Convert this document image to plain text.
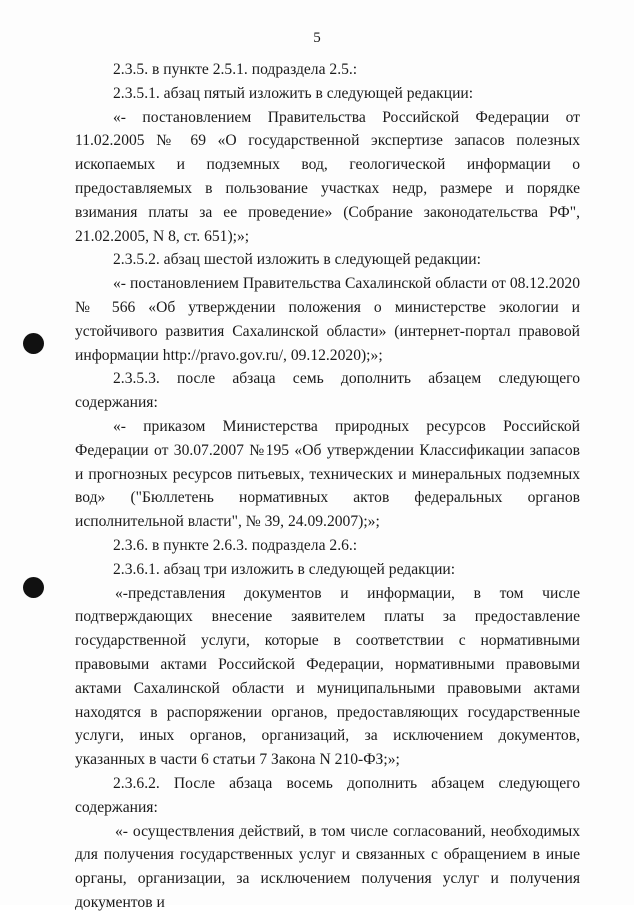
5

2.3.5. в пункте 2.5.1. подраздела 2.5.:

2.3.5.1. абзац пятый изложить в следующей редакции:

«- постановлением Правительства Российской Федерации от 11.02.2005 № 69 «О государственной экспертизе запасов полезных ископаемых и подземных вод, геологической информации о предоставляемых в пользование участках недр, размере и порядке взимания платы за ее проведение» (Собрание законодательства РФ", 21.02.2005, N 8, ст. 651);»;

2.3.5.2. абзац шестой изложить в следующей редакции:

«- постановлением Правительства Сахалинской области от 08.12.2020 № 566 «Об утверждении положения о министерстве экологии и устойчивого развития Сахалинской области» (интернет-портал правовой информации http://pravo.gov.ru/, 09.12.2020);»;

2.3.5.3. после абзаца семь дополнить абзацем следующего содержания:

«- приказом Министерства природных ресурсов Российской Федерации от 30.07.2007 №195 «Об утверждении Классификации запасов и прогнозных ресурсов питьевых, технических и минеральных подземных вод» ("Бюллетень нормативных актов федеральных органов исполнительной власти", № 39, 24.09.2007);»;

2.3.6. в пункте 2.6.3. подраздела 2.6.:

2.3.6.1. абзац три изложить в следующей редакции:

«-представления документов и информации, в том числе подтверждающих внесение заявителем платы за предоставление государственной услуги, которые в соответствии с нормативными правовыми актами Российской Федерации, нормативными правовыми актами Сахалинской области и муниципальными правовыми актами находятся в распоряжении органов, предоставляющих государственные услуги, иных органов, организаций, за исключением документов, указанных в части 6 статьи 7 Закона N 210-ФЗ;»;

2.3.6.2. После абзаца восемь дополнить абзацем следующего содержания:

«- осуществления действий, в том числе согласований, необходимых для получения государственных услуг и связанных с обращением в иные органы, организации, за исключением получения услуг и получения документов и
